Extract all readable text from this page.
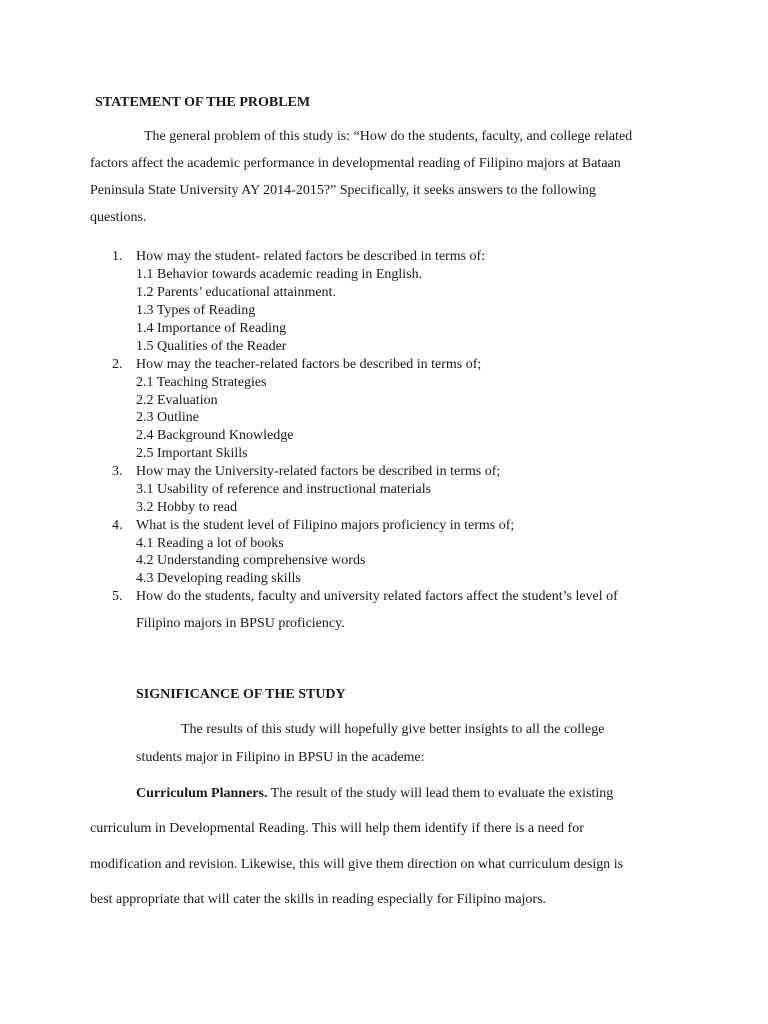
STATEMENT OF THE PROBLEM
The general problem of this study is: “How do the students, faculty, and college related
factors affect the academic performance in developmental reading of Filipino majors at Bataan
Peninsula State University AY 2014-2015?” Specifically, it seeks answers to the following
questions.
1. How may the student- related factors be described in terms of:
1.1 Behavior towards academic reading in English.
1.2 Parents’ educational attainment.
1.3 Types of Reading
1.4 Importance of Reading
1.5 Qualities of the Reader
2. How may the teacher-related factors be described in terms of;
2.1 Teaching Strategies
2.2 Evaluation
2.3 Outline
2.4 Background Knowledge
2.5 Important Skills
3. How may the University-related factors be described in terms of;
3.1 Usability of reference and instructional materials
3.2 Hobby to read
4. What is the student level of Filipino majors proficiency in terms of;
4.1 Reading a lot of books
4.2 Understanding comprehensive words
4.3 Developing reading skills
5. How do the students, faculty and university related factors affect the student’s level of
Filipino majors in BPSU proficiency.
SIGNIFICANCE OF THE STUDY
The results of this study will hopefully give better insights to all the college
students major in Filipino in BPSU in the academe:
Curriculum Planners. The result of the study will lead them to evaluate the existing
curriculum in Developmental Reading. This will help them identify if there is a need for
modification and revision. Likewise, this will give them direction on what curriculum design is
best appropriate that will cater the skills in reading especially for Filipino majors.
